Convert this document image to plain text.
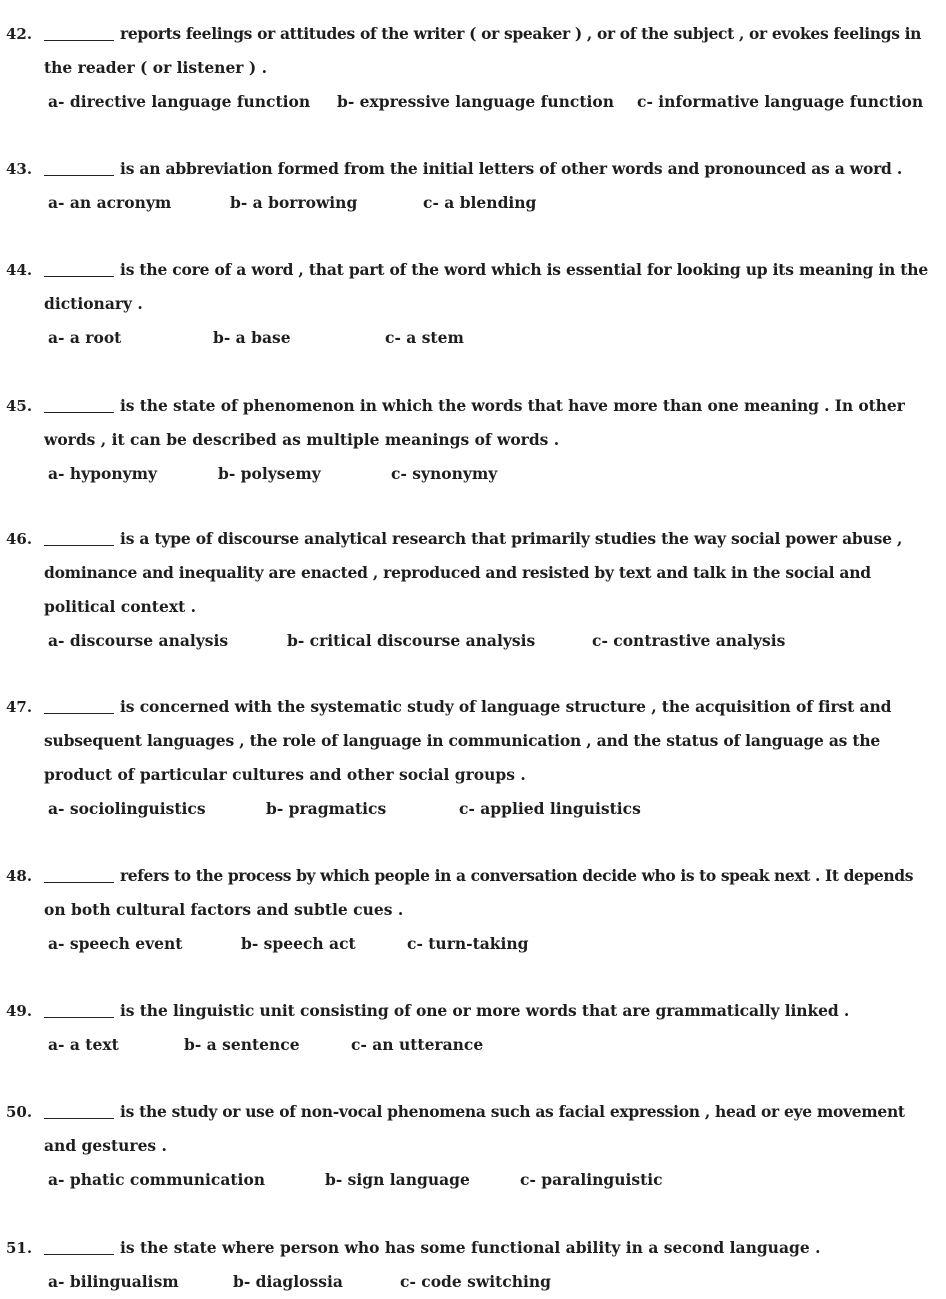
42.	reports feelings or attitudes of the writer ( or speaker ) , or of the subject , or evokes feelings in
the reader ( or listener ) .
a- directive language function b- expressive language function c- informative language function
43.	is an abbreviation formed from the initial letters of other words and pronounced as a word .
a- an acronym	b- a borrowing	c- a blending
44.	is the core of a word , that part of the word which is essential for looking up its meaning in the
dictionary .
a- a root	b- a base	c- a stem
45.	is the state of phenomenon in which the words that have more than one meaning . In other
words , it can be described as multiple meanings of words .
a- hyponymy	b- polysemy	c- synonymy
46.	is a type of discourse analytical research that primarily studies the way social power abuse ,
dominance and inequality are enacted , reproduced and resisted by text and talk in the social and
political context .
a- discourse analysis	b- critical discourse analysis	c- contrastive analysis
47.	is concerned with the systematic study of language structure , the acquisition of first and
subsequent languages , the role of language in communication , and the status of language as the
product of particular cultures and other social groups .
a- sociolinguistics	b- pragmatics	c- applied linguistics
48.	refers to the process by which people in a conversation decide who is to speak next . It depends
on both cultural factors and subtle cues .
a- speech event	b- speech act	c- turn-taking
49.	is the linguistic unit consisting of one or more words that are grammatically linked .
a- a text	b- a sentence	c- an utterance
50.	is the study or use of non-vocal phenomena such as facial expression , head or eye movement
and gestures .
a- phatic communication	b- sign language	c- paralinguistic
51.	is the state where person who has some functional ability in a second language .
a- bilingualism	b- diaglossia	c- code switching
